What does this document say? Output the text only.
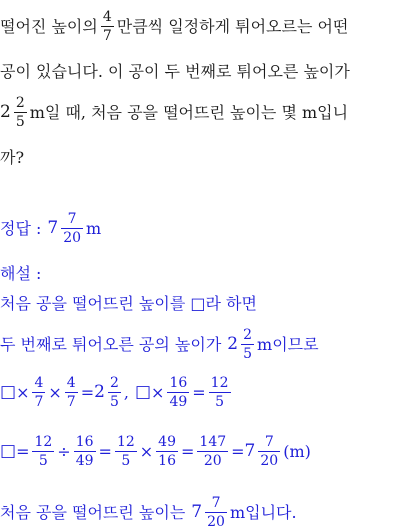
떨어진 높이의 $\frac{4}{7}$ 만큼씩 일정하게 튀어오르는 어떤
공이 있습니다. 이 공이 두 번째로 튀어오른 높이가
$2 \frac{2}{5}$ m일 때, 처음 공을 떨어뜨린 높이는 몇 m입니
까?
정답 : $7 \frac{7}{20}$ m
해설 :
처음 공을 떨어뜨린 높이를 □라 하면
두 번째로 튀어오른 공의 높이가 $2 \frac{2}{5}$ m이므로
□ × $\frac{4}{7} \times \frac{4}{7} = 2 \frac{2}{5}$ , □ × $\frac{16}{49} = \frac{12}{5}$
□ = $\frac{12}{5} \div \frac{16}{49} = \frac{12}{5} \times \frac{49}{16} = \frac{147}{20} = 7 \frac{7}{20} (m)$
처음 공을 떨어뜨린 높이는 $7 \frac{7}{20}$ m입니다.
